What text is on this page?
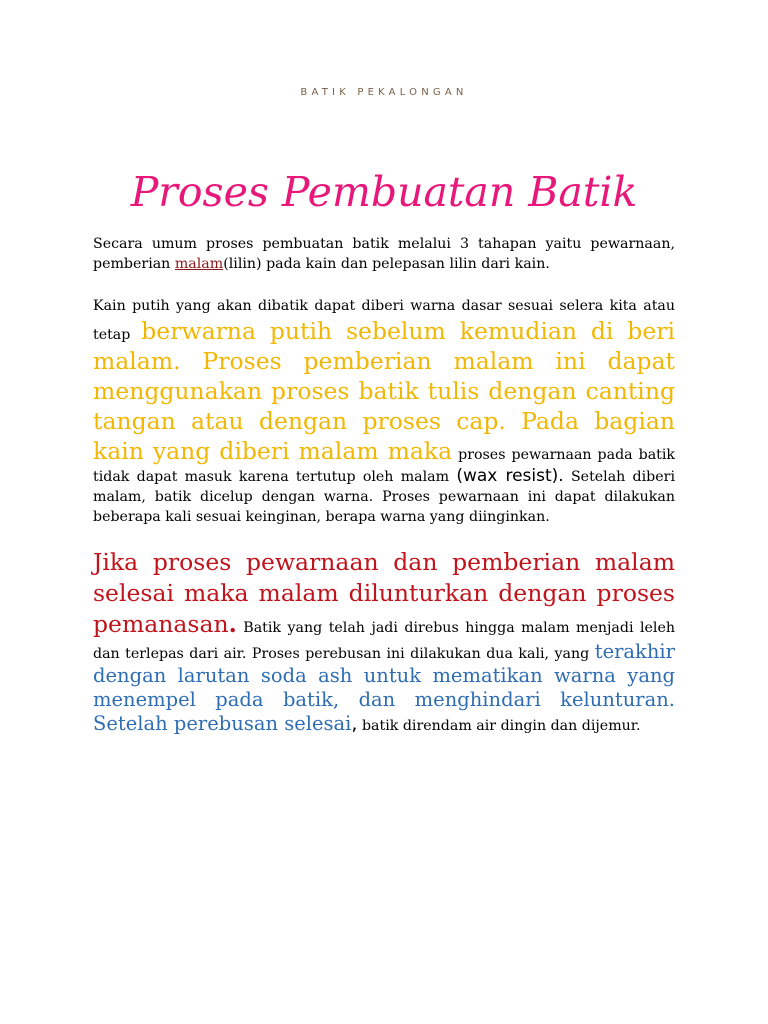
BATIK PEKALONGAN
Proses Pembuatan Batik

Secara umum proses pembuatan batik melalui 3 tahapan yaitu pewarnaan, pemberian malam(lilin) pada kain dan pelepasan lilin dari kain.

Kain putih yang akan dibatik dapat diberi warna dasar sesuai selera kita atau tetap berwarna putih sebelum kemudian di beri malam. Proses pemberian malam ini dapat menggunakan proses batik tulis dengan canting tangan atau dengan proses cap. Pada bagian kain yang diberi malam maka proses pewarnaan pada batik tidak dapat masuk karena tertutup oleh malam (wax resist). Setelah diberi malam, batik dicelup dengan warna. Proses pewarnaan ini dapat dilakukan beberapa kali sesuai keinginan, berapa warna yang diinginkan.

Jika proses pewarnaan dan pemberian malam selesai maka malam dilunturkan dengan proses pemanasan. Batik yang telah jadi direbus hingga malam menjadi leleh dan terlepas dari air. Proses perebusan ini dilakukan dua kali, yang terakhir dengan larutan soda ash untuk mematikan warna yang menempel pada batik, dan menghindari kelunturan. Setelah perebusan selesai, batik direndam air dingin dan dijemur.
